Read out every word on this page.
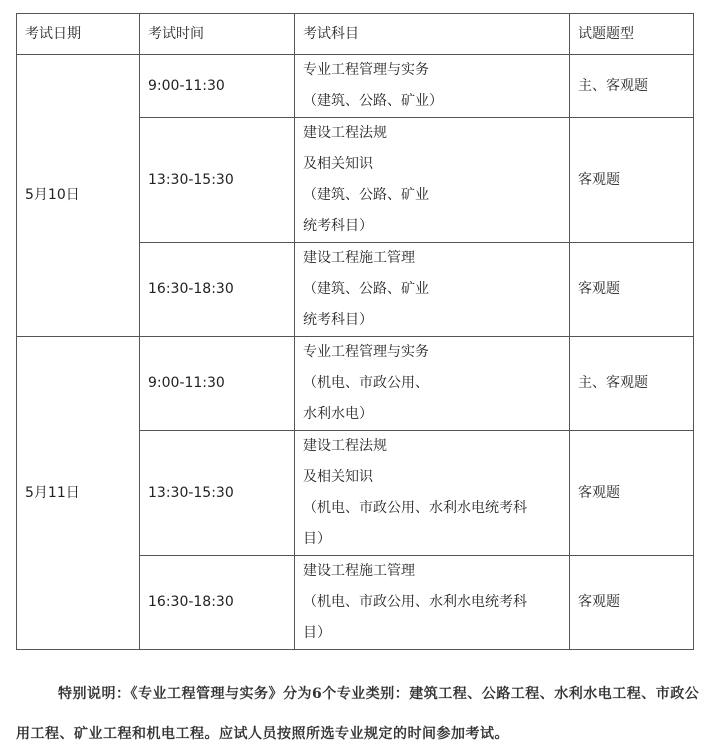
考试日期	考试时间	考试科目	试题题型
5月10日	9:00-11:30	专业工程管理与实务
（建筑、公路、矿业）	主、客观题
	13:30-15:30	建设工程法规
及相关知识
（建筑、公路、矿业
统考科目）	客观题
	16:30-18:30	建设工程施工管理
（建筑、公路、矿业
统考科目）	客观题
5月11日	9:00-11:30	专业工程管理与实务
（机电、市政公用、
水利水电）	主、客观题
	13:30-15:30	建设工程法规
及相关知识
（机电、市政公用、水利水电统考科
目）	客观题
	16:30-18:30	建设工程施工管理
（机电、市政公用、水利水电统考科
目）	客观题

特别说明：《专业工程管理与实务》分为6个专业类别：建筑工程、公路工程、水利水电工程、市政公用工程、矿业工程和机电工程。应试人员按照所选专业规定的时间参加考试。
